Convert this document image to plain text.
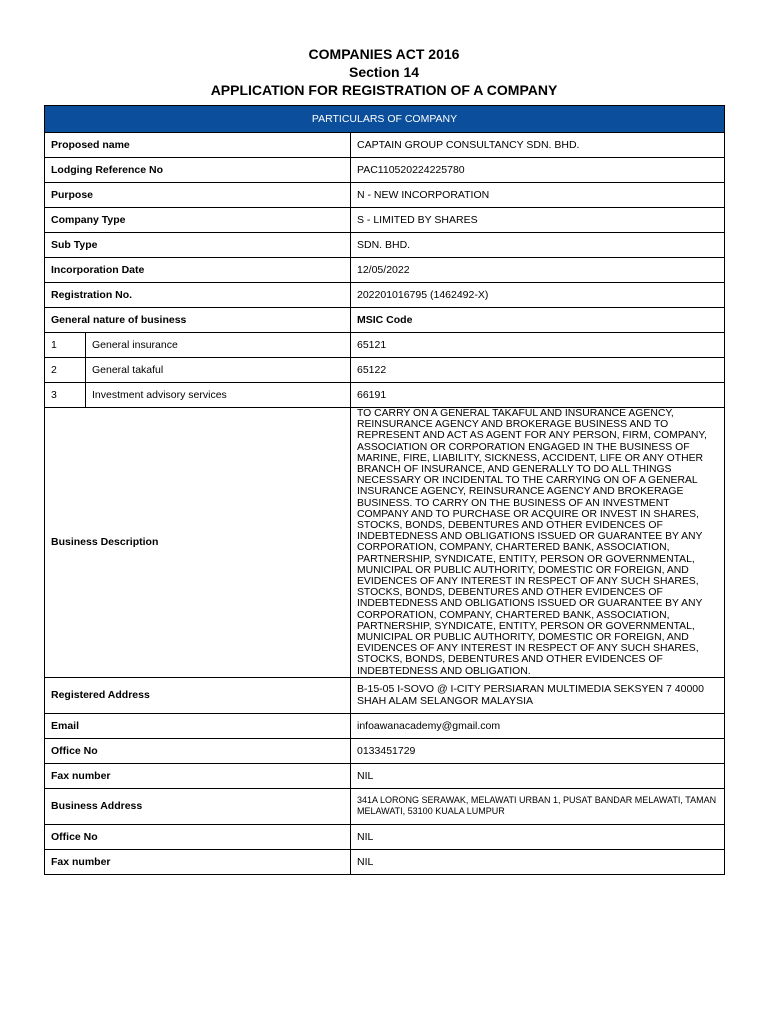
COMPANIES ACT 2016
Section 14
APPLICATION FOR REGISTRATION OF A COMPANY
PARTICULARS OF COMPANY		
Proposed name		CAPTAIN GROUP CONSULTANCY SDN. BHD.
Lodging Reference No		PAC110520224225780
Purpose		N - NEW INCORPORATION
Company Type		S - LIMITED BY SHARES
Sub Type		SDN. BHD.
Incorporation Date		12/05/2022
Registration No.		202201016795 (1462492-X)
General nature of business		MSIC Code
1	General insurance	65121
2	General takaful	65122
3	Investment advisory services	66191
Business Description		TO CARRY ON A GENERAL TAKAFUL AND INSURANCE AGENCY, REINSURANCE AGENCY AND BROKERAGE BUSINESS AND TO REPRESENT AND ACT AS AGENT FOR ANY PERSON, FIRM, COMPANY, ASSOCIATION OR CORPORATION ENGAGED IN THE BUSINESS OF MARINE, FIRE, LIABILITY, SICKNESS, ACCIDENT, LIFE OR ANY OTHER BRANCH OF INSURANCE, AND GENERALLY TO DO ALL THINGS NECESSARY OR INCIDENTAL TO THE CARRYING ON OF A GENERAL INSURANCE AGENCY, REINSURANCE AGENCY AND BROKERAGE BUSINESS. TO CARRY ON THE BUSINESS OF AN INVESTMENT COMPANY AND TO PURCHASE OR ACQUIRE OR INVEST IN SHARES, STOCKS, BONDS, DEBENTURES AND OTHER EVIDENCES OF INDEBTEDNESS AND OBLIGATIONS ISSUED OR GUARANTEE BY ANY CORPORATION, COMPANY, CHARTERED BANK, ASSOCIATION, PARTNERSHIP, SYNDICATE, ENTITY, PERSON OR GOVERNMENTAL, MUNICIPAL OR PUBLIC AUTHORITY, DOMESTIC OR FOREIGN, AND EVIDENCES OF ANY INTEREST IN RESPECT OF ANY SUCH SHARES, STOCKS, BONDS, DEBENTURES AND OTHER EVIDENCES OF INDEBTEDNESS AND OBLIGATIONS ISSUED OR GUARANTEE BY ANY CORPORATION, COMPANY, CHARTERED BANK, ASSOCIATION, PARTNERSHIP, SYNDICATE, ENTITY, PERSON OR GOVERNMENTAL, MUNICIPAL OR PUBLIC AUTHORITY, DOMESTIC OR FOREIGN, AND EVIDENCES OF ANY INTEREST IN RESPECT OF ANY SUCH SHARES, STOCKS, BONDS, DEBENTURES AND OTHER EVIDENCES OF INDEBTEDNESS AND OBLIGATION.
Registered Address		B-15-05 I-SOVO @ I-CITY PERSIARAN MULTIMEDIA SEKSYEN 7 40000 SHAH ALAM SELANGOR MALAYSIA
Email		infoawanacademy@gmail.com
Office No		0133451729
Fax number		NIL
Business Address		341A LORONG SERAWAK, MELAWATI URBAN 1, PUSAT BANDAR MELAWATI, TAMAN MELAWATI, 53100 KUALA LUMPUR
Office No		NIL
Fax number		NIL
